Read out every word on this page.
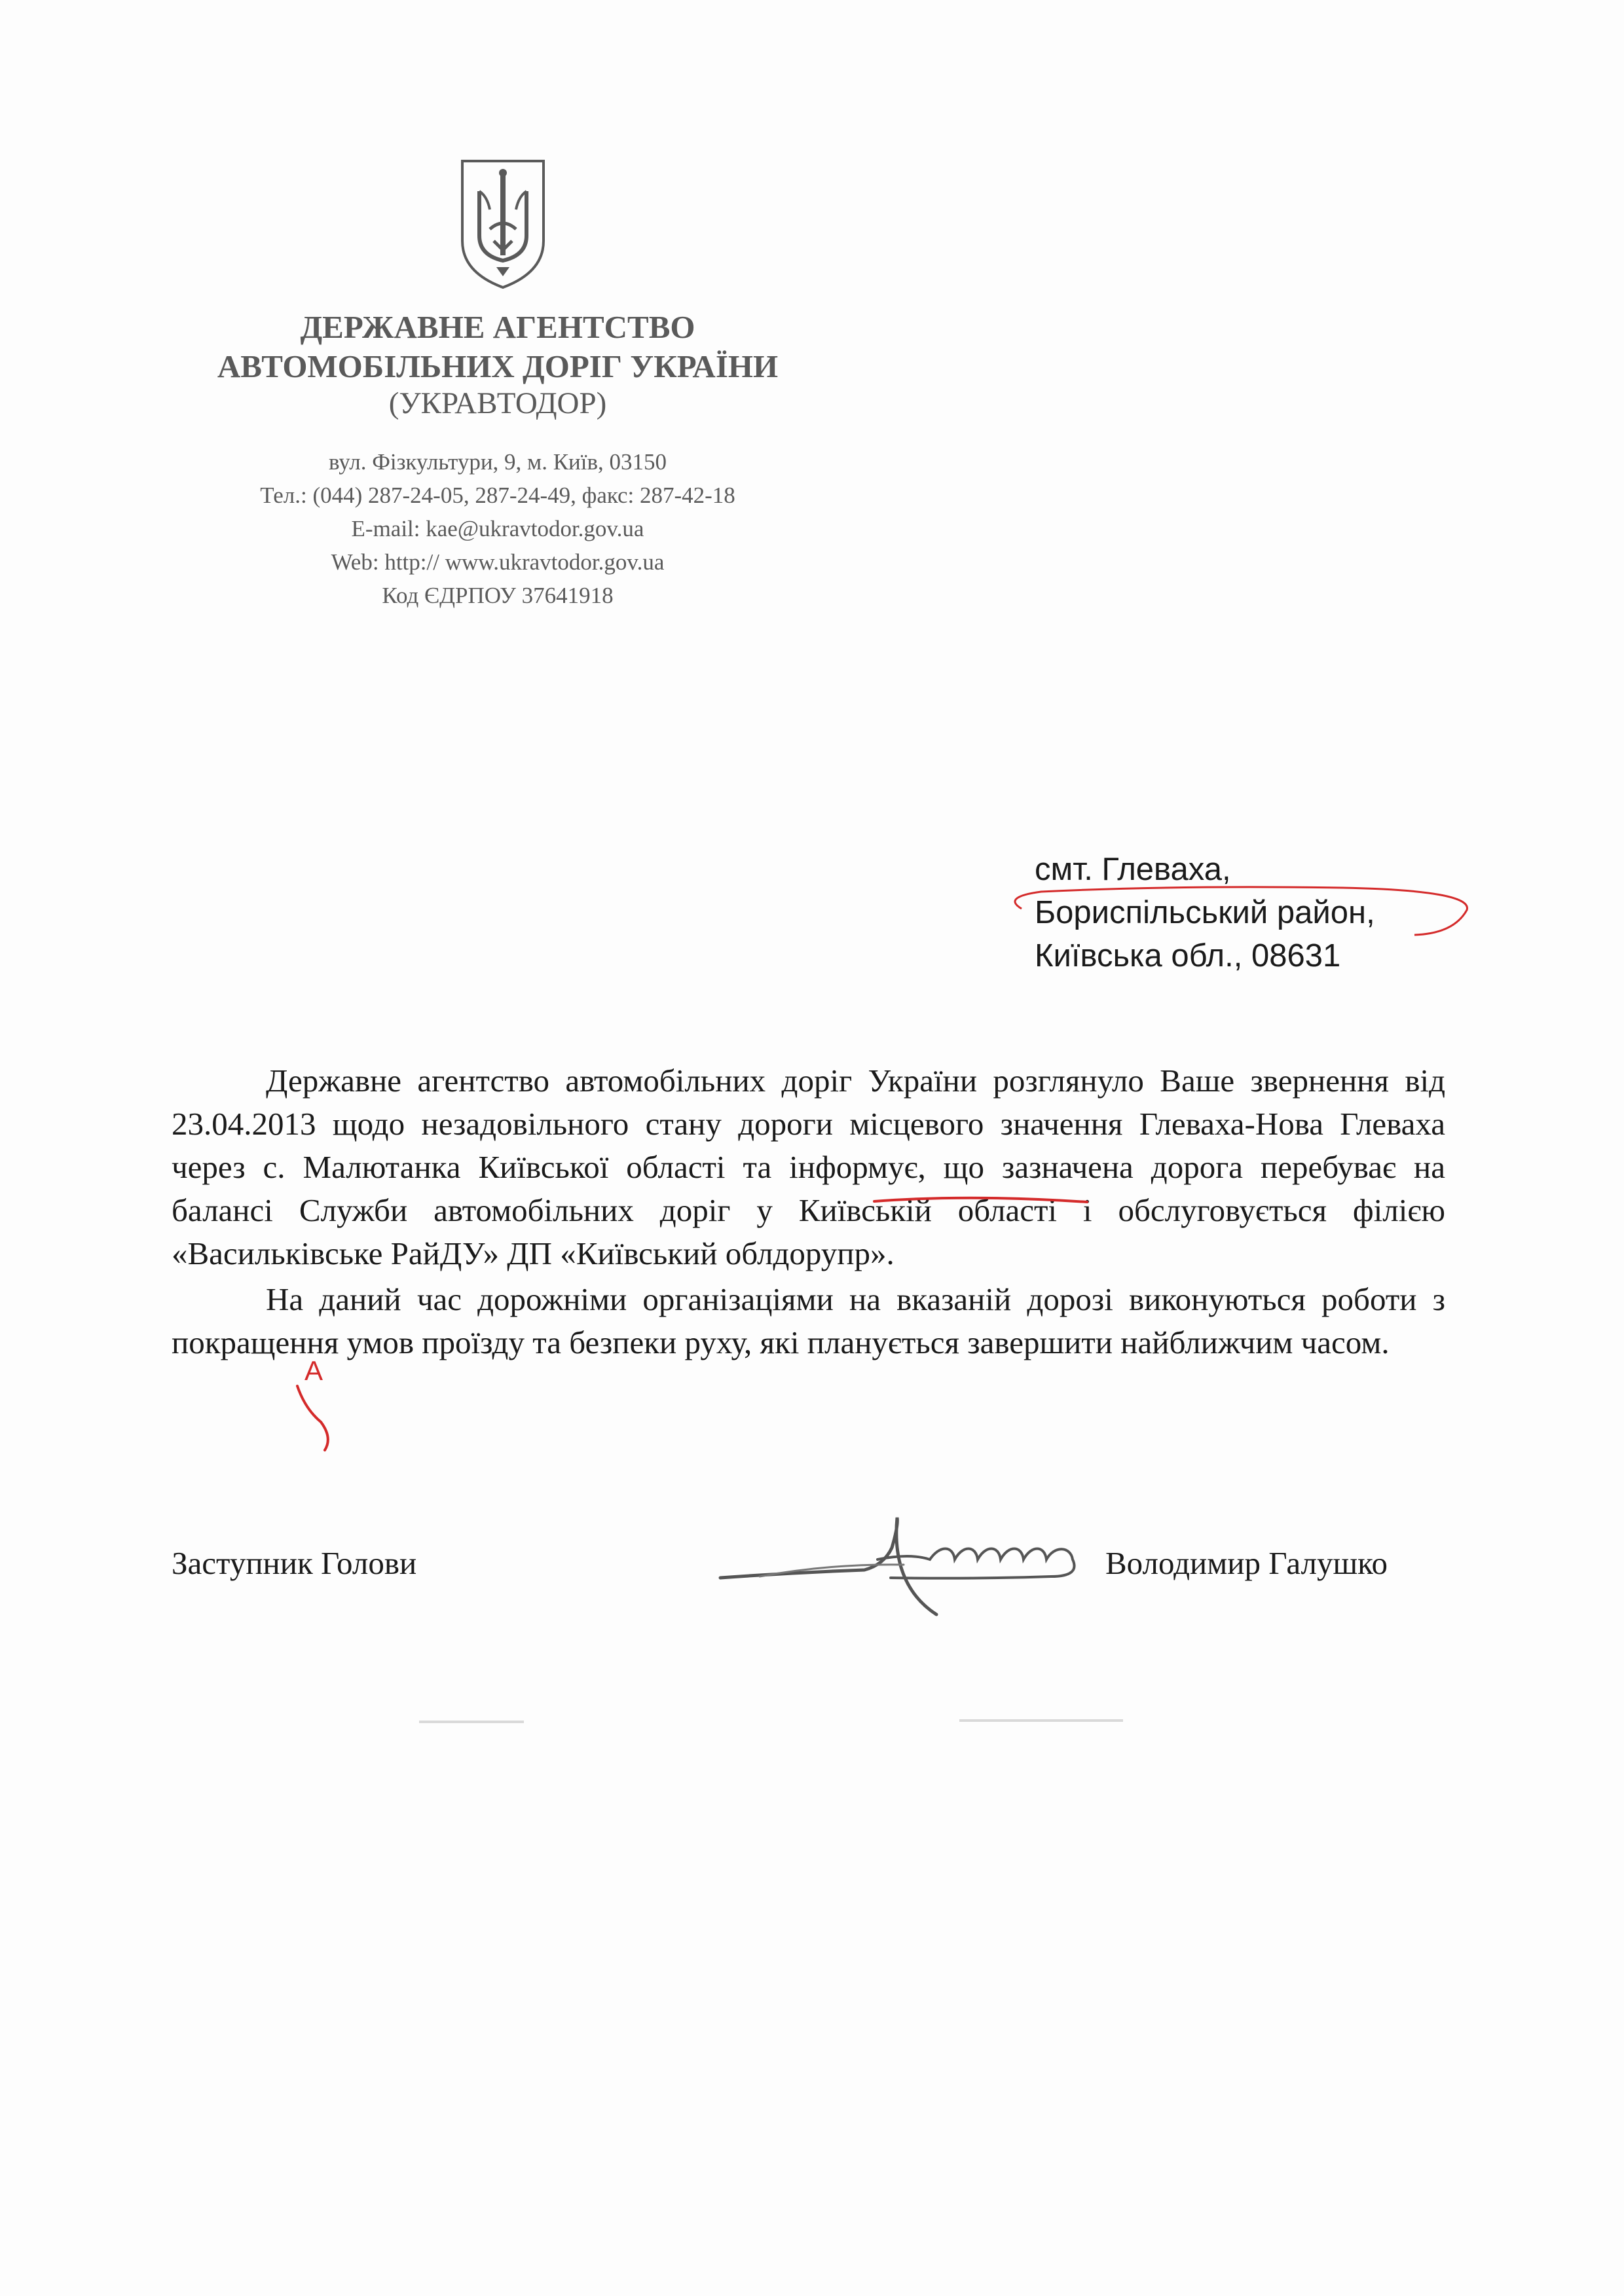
ДЕРЖАВНЕ АГЕНТСТВО
АВТОМОБІЛЬНИХ ДОРІГ УКРАЇНИ
(УКРАВТОДОР)
вул. Фізкультури, 9, м. Київ, 03150
Тел.: (044) 287-24-05, 287-24-49, факс: 287-42-18
E-mail: kae@ukravtodor.gov.ua
Web: http:// www.ukravtodor.gov.ua
Код ЄДРПОУ 37641918
смт. Глеваха,
Бориспільський район,
Київська обл., 08631

Державне агентство автомобільних доріг України розглянуло Ваше звернення від 23.04.2013 щодо незадовільного стану дороги місцевого значення Глеваха-Нова Глеваха через с. Малютанка Київської області та інформує, що зазначена дорога перебуває на балансі Служби автомобільних доріг у Київській області і обслуговується філією «Васильківське РайДУ» ДП «Київський облдорупр».

На даний час дорожніми організаціями на вказаній дорозі виконуються роботи з покращення умов проїзду та безпеки руху, які планується завершити найближчим часом.

Заступник Голови	Володимир Галушко
А
